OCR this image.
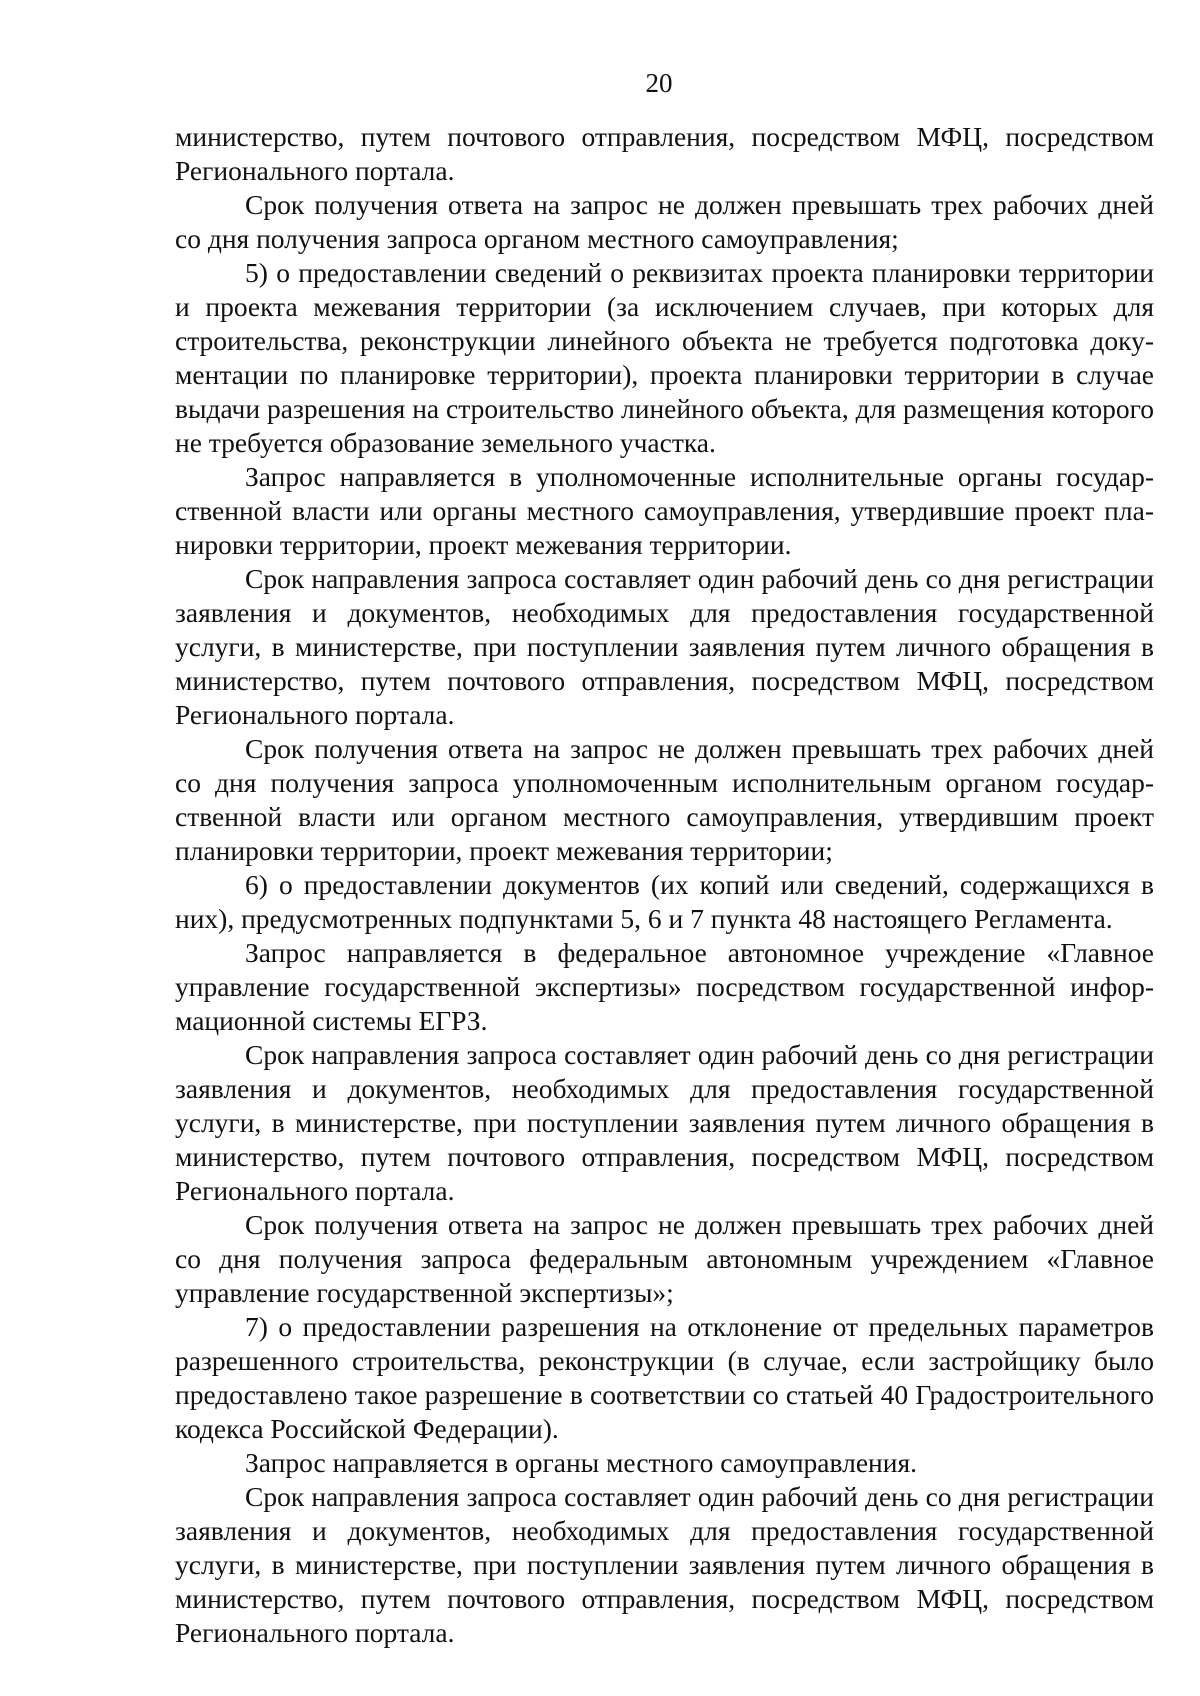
20

министерство, путем почтового отправления, посредством МФЦ, посредством Регионального портала.

Срок получения ответа на запрос не должен превышать трех рабочих дней со дня получения запроса органом местного самоуправления;

5) о предоставлении сведений о реквизитах проекта планировки территории и проекта межевания территории (за исключением случаев, при которых для строительства, реконструкции линейного объекта не требуется подготовка документации по планировке территории), проекта планировки территории в случае выдачи разрешения на строительство линейного объекта, для размещения которого не требуется образование земельного участка.

Запрос направляется в уполномоченные исполнительные органы государственной власти или органы местного самоуправления, утвердившие проект планировки территории, проект межевания территории.

Срок направления запроса составляет один рабочий день со дня регистрации заявления и документов, необходимых для предоставления государственной услуги, в министерстве, при поступлении заявления путем личного обращения в министерство, путем почтового отправления, посредством МФЦ, посредством Регионального портала.

Срок получения ответа на запрос не должен превышать трех рабочих дней со дня получения запроса уполномоченным исполнительным органом государственной власти или органом местного самоуправления, утвердившим проект планировки территории, проект межевания территории;

6) о предоставлении документов (их копий или сведений, содержащихся в них), предусмотренных подпунктами 5, 6 и 7 пункта 48 настоящего Регламента.

Запрос направляется в федеральное автономное учреждение «Главное управление государственной экспертизы» посредством государственной информационной системы ЕГРЗ.

Срок направления запроса составляет один рабочий день со дня регистрации заявления и документов, необходимых для предоставления государственной услуги, в министерстве, при поступлении заявления путем личного обращения в министерство, путем почтового отправления, посредством МФЦ, посредством Регионального портала.

Срок получения ответа на запрос не должен превышать трех рабочих дней со дня получения запроса федеральным автономным учреждением «Главное управление государственной экспертизы»;

7) о предоставлении разрешения на отклонение от предельных параметров разрешенного строительства, реконструкции (в случае, если застройщику было предоставлено такое разрешение в соответствии со статьей 40 Градостроительного кодекса Российской Федерации).

Запрос направляется в органы местного самоуправления.

Срок направления запроса составляет один рабочий день со дня регистрации заявления и документов, необходимых для предоставления государственной услуги, в министерстве, при поступлении заявления путем личного обращения в министерство, путем почтового отправления, посредством МФЦ, посредством Регионального портала.
